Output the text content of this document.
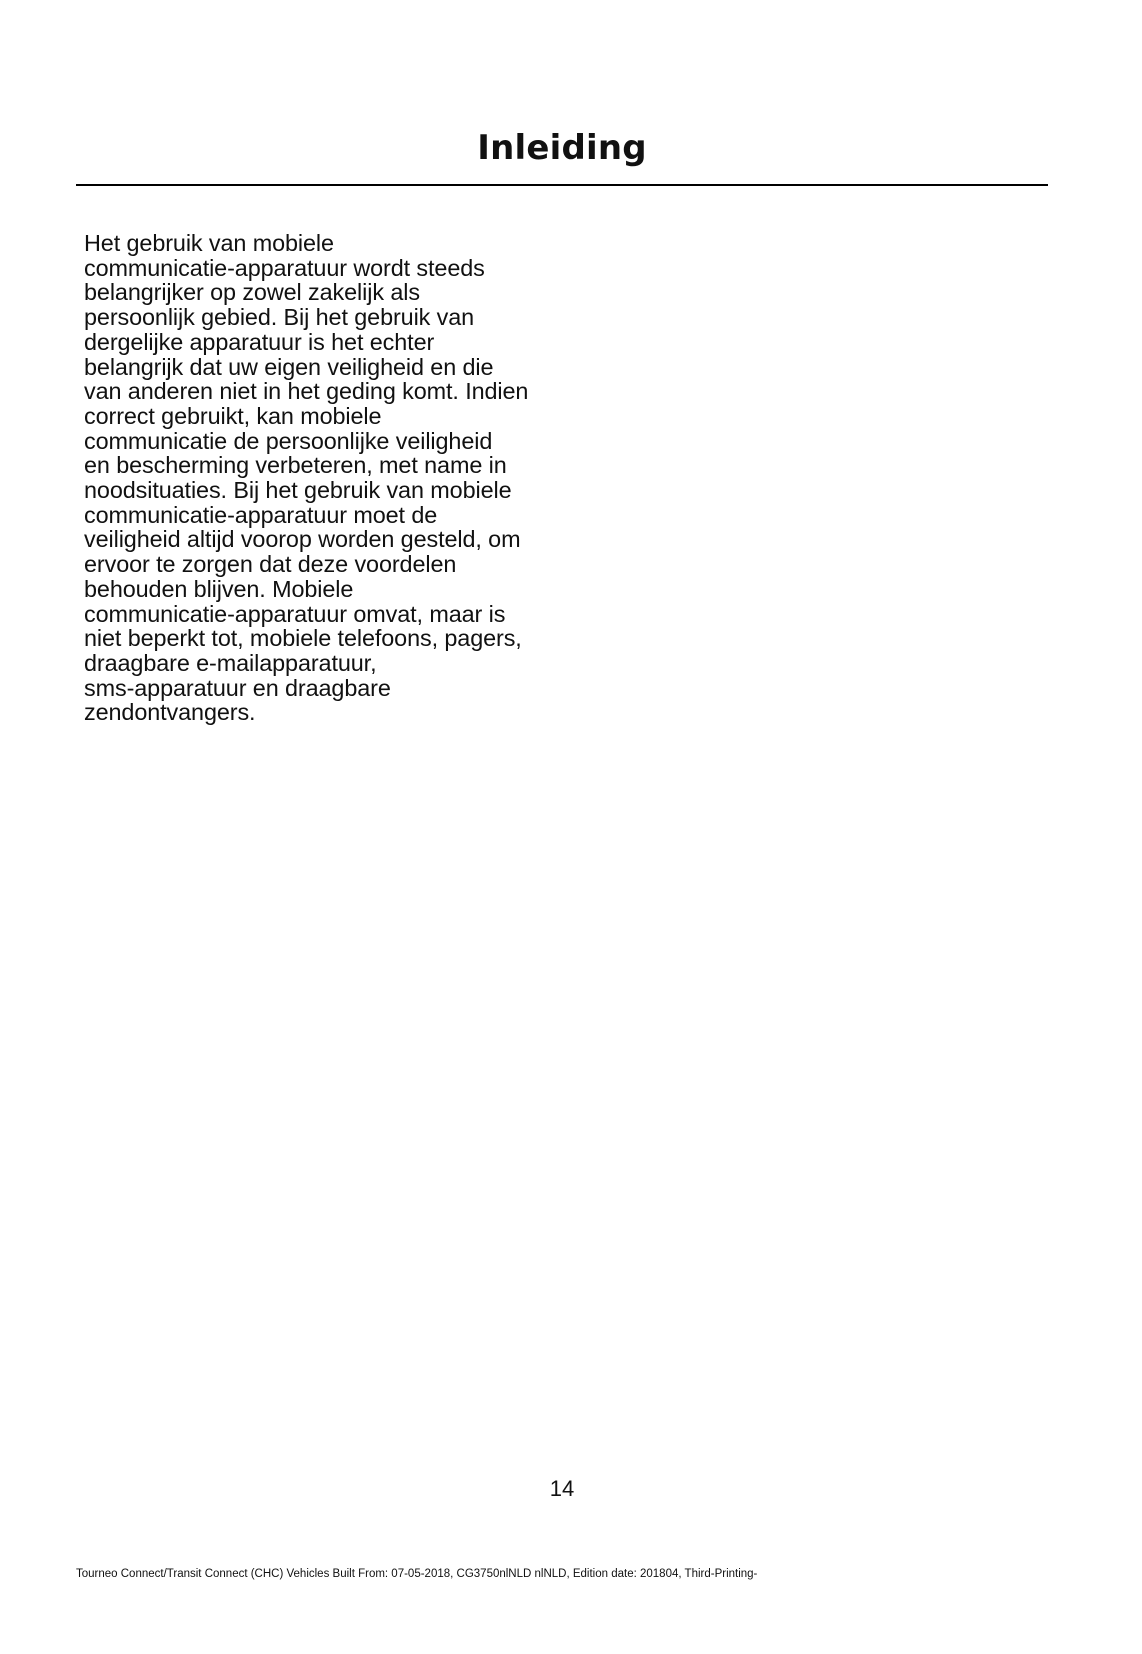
Inleiding

Het gebruik van mobiele
communicatie-apparatuur wordt steeds
belangrijker op zowel zakelijk als
persoonlijk gebied. Bij het gebruik van
dergelijke apparatuur is het echter
belangrijk dat uw eigen veiligheid en die
van anderen niet in het geding komt. Indien
correct gebruikt, kan mobiele
communicatie de persoonlijke veiligheid
en bescherming verbeteren, met name in
noodsituaties. Bij het gebruik van mobiele
communicatie-apparatuur moet de
veiligheid altijd voorop worden gesteld, om
ervoor te zorgen dat deze voordelen
behouden blijven. Mobiele
communicatie-apparatuur omvat, maar is
niet beperkt tot, mobiele telefoons, pagers,
draagbare e-mailapparatuur,
sms-apparatuur en draagbare
zendontvangers.

14
Tourneo Connect/Transit Connect (CHC) Vehicles Built From: 07-05-2018, CG3750nlNLD nlNLD, Edition date: 201804, Third-Printing-
